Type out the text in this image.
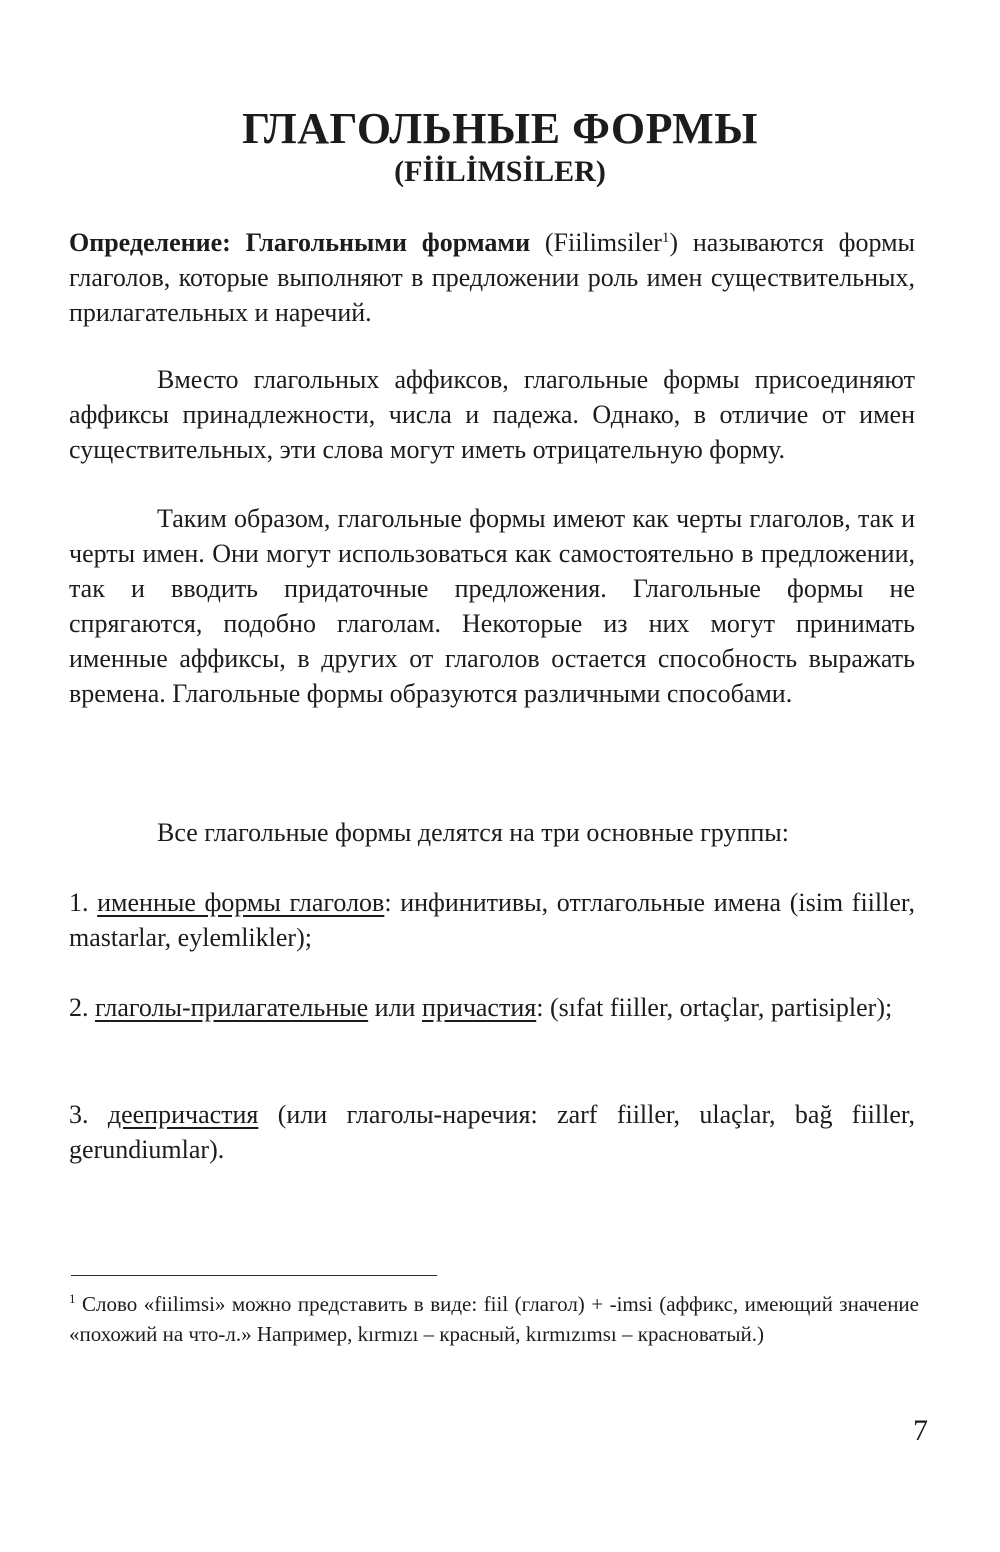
ГЛАГОЛЬНЫЕ ФОРМЫ
(FİİLİMSİLER)

Определение: Глагольными формами (Fiilimsiler$^1$) называются формы глаголов, которые выполняют в предложении роль имен существительных, прилагательных и наречий.

Вместо глагольных аффиксов, глагольные формы присоединяют аффиксы принадлежности, числа и падежа. Однако, в отличие от имен существительных, эти слова могут иметь отрицательную форму.

Таким образом, глагольные формы имеют как черты глаголов, так и черты имен. Они могут использоваться как самостоятельно в предложении, так и вводить придаточные предложения. Глагольные формы не спрягаются, подобно глаголам. Некоторые из них могут принимать именные аффиксы, в других от глаголов остается способность выражать времена. Глагольные формы образуются различными способами.

Все глагольные формы делятся на три основные группы:

1. именные формы глаголов: инфинитивы, отглагольные имена (isim fiiller, mastarlar, eylemlikler);

2. глаголы-прилагательные или причастия: (sıfat fiiller, ortaçlar, partisipler);

3. деепричастия (или глаголы-наречия: zarf fiiller, ulaçlar, bağ fiiller, gerundiumlar).

$^1$ Слово «fiilimsi» можно представить в виде: fiil (глагол) + -imsi (аффикс, имеющий значение «похожий на что-л.» Например, kırmızı – красный, kırmızımsı – красноватый.)

7
